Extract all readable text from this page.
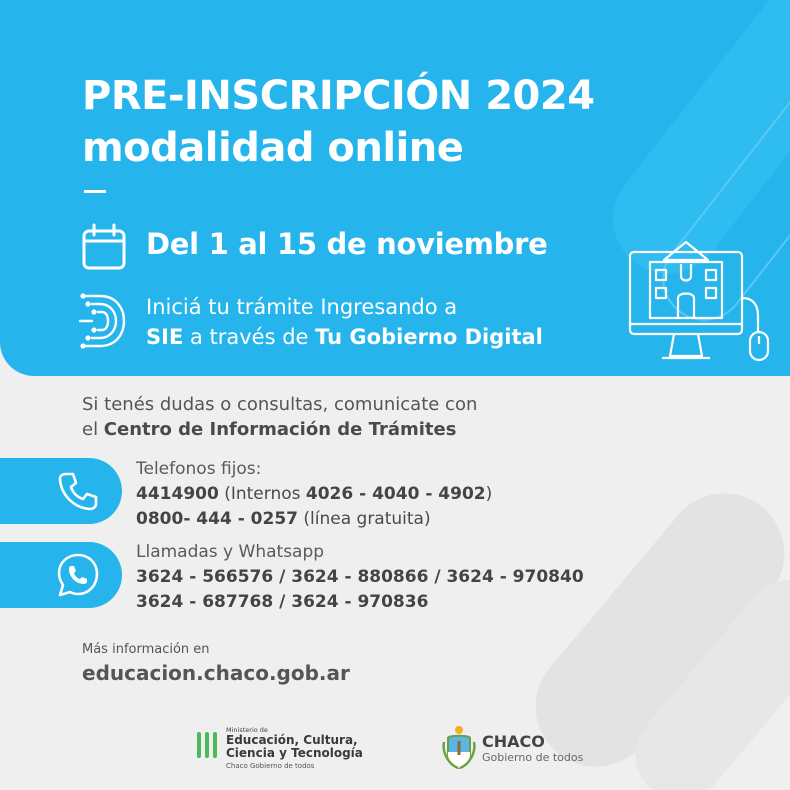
PRE-INSCRIPCIÓN 2024
modalidad online
Del 1 al 15 de noviembre
Iniciá tu trámite Ingresando a
SIE a través de Tu Gobierno Digital
Si tenés dudas o consultas, comunicate con
el Centro de Información de Trámites
Telefonos fijos:
4414900 (Internos 4026 - 4040 - 4902)
0800- 444 - 0257 (línea gratuita)
Llamadas y Whatsapp
3624 - 566576 / 3624 - 880866 / 3624 - 970840
3624 - 687768 / 3624 - 970836
Más información en
educacion.chaco.gob.ar
Ministerio de
Educación, Cultura,
Ciencia y Tecnología
Chaco Gobierno de todos
CHACO
Gobierno de todos
